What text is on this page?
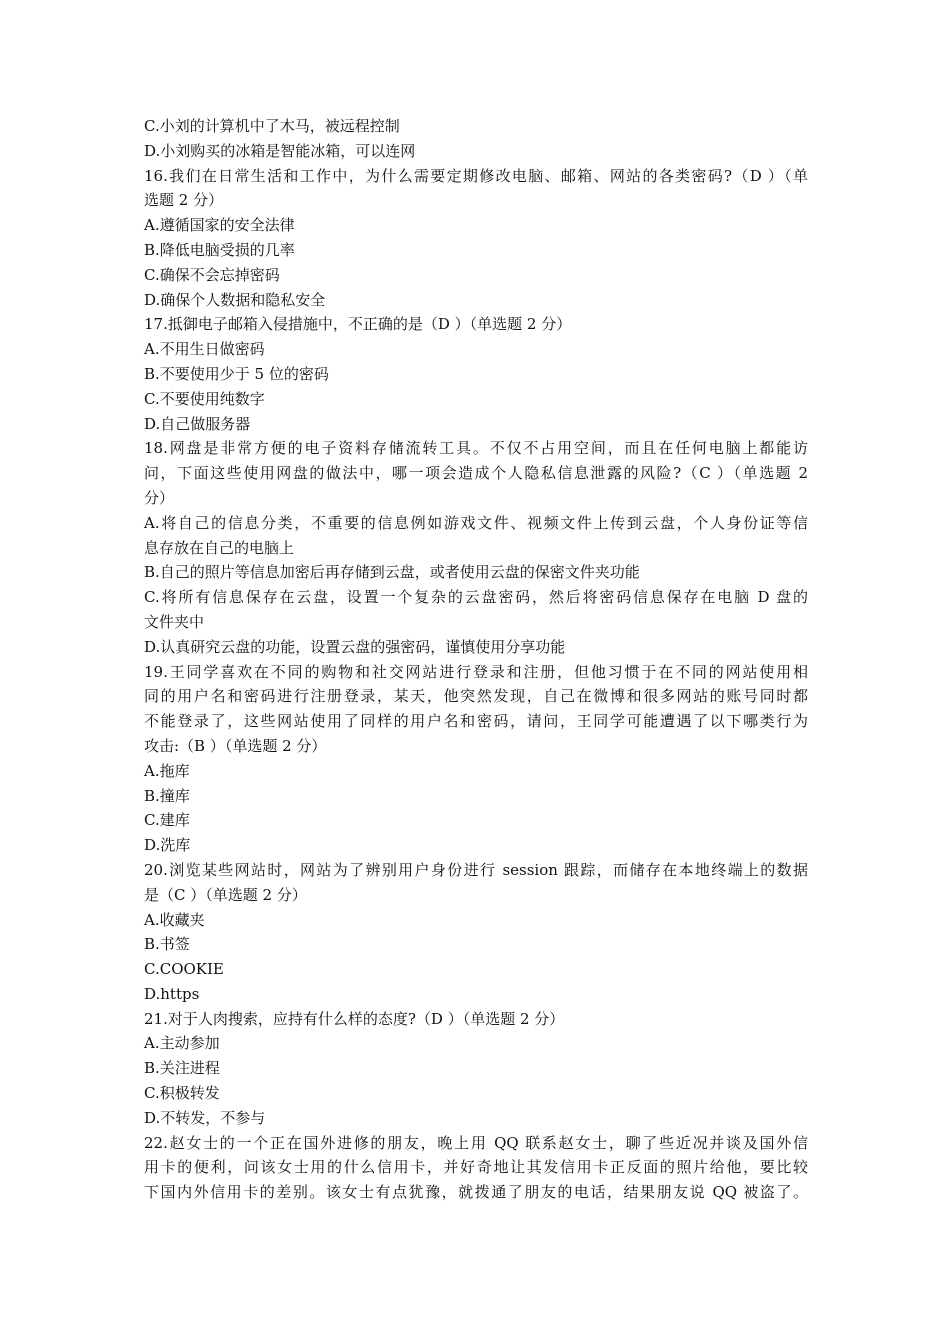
C.小刘的计算机中了木马，被远程控制
D.小刘购买的冰箱是智能冰箱，可以连网
16.我们在日常生活和工作中，为什么需要定期修改电脑、邮箱、网站的各类密码?（D ）（单
选题 2 分）
A.遵循国家的安全法律
B.降低电脑受损的几率
C.确保不会忘掉密码
D.确保个人数据和隐私安全
17.抵御电子邮箱入侵措施中，不正确的是（D ）（单选题 2 分）
A.不用生日做密码
B.不要使用少于 5 位的密码
C.不要使用纯数字
D.自己做服务器
18.网盘是非常方便的电子资料存储流转工具。不仅不占用空间，而且在任何电脑上都能访
问，下面这些使用网盘的做法中，哪一项会造成个人隐私信息泄露的风险?（C ）（单选题 2
分）
A.将自己的信息分类，不重要的信息例如游戏文件、视频文件上传到云盘，个人身份证等信
息存放在自己的电脑上
B.自己的照片等信息加密后再存储到云盘，或者使用云盘的保密文件夹功能
C.将所有信息保存在云盘，设置一个复杂的云盘密码，然后将密码信息保存在电脑 D 盘的
文件夹中
D.认真研究云盘的功能，设置云盘的强密码，谨慎使用分享功能
19.王同学喜欢在不同的购物和社交网站进行登录和注册，但他习惯于在不同的网站使用相
同的用户名和密码进行注册登录，某天，他突然发现，自己在微博和很多网站的账号同时都
不能登录了，这些网站使用了同样的用户名和密码，请问，王同学可能遭遇了以下哪类行为
攻击:（B ）（单选题 2 分）
A.拖库
B.撞库
C.建库
D.洗库
20.浏览某些网站时，网站为了辨别用户身份进行 session 跟踪，而储存在本地终端上的数据
是（C ）（单选题 2 分）
A.收藏夹
B.书签
C.COOKIE
D.https
21.对于人肉搜索，应持有什么样的态度?（D ）（单选题 2 分）
A.主动参加
B.关注进程
C.积极转发
D.不转发，不参与
22.赵女士的一个正在国外进修的朋友，晚上用 QQ 联系赵女士，聊了些近况并谈及国外信
用卡的便利，问该女士用的什么信用卡，并好奇地让其发信用卡正反面的照片给他，要比较
下国内外信用卡的差别。该女士有点犹豫，就拨通了朋友的电话，结果朋友说 QQ 被盗了。
